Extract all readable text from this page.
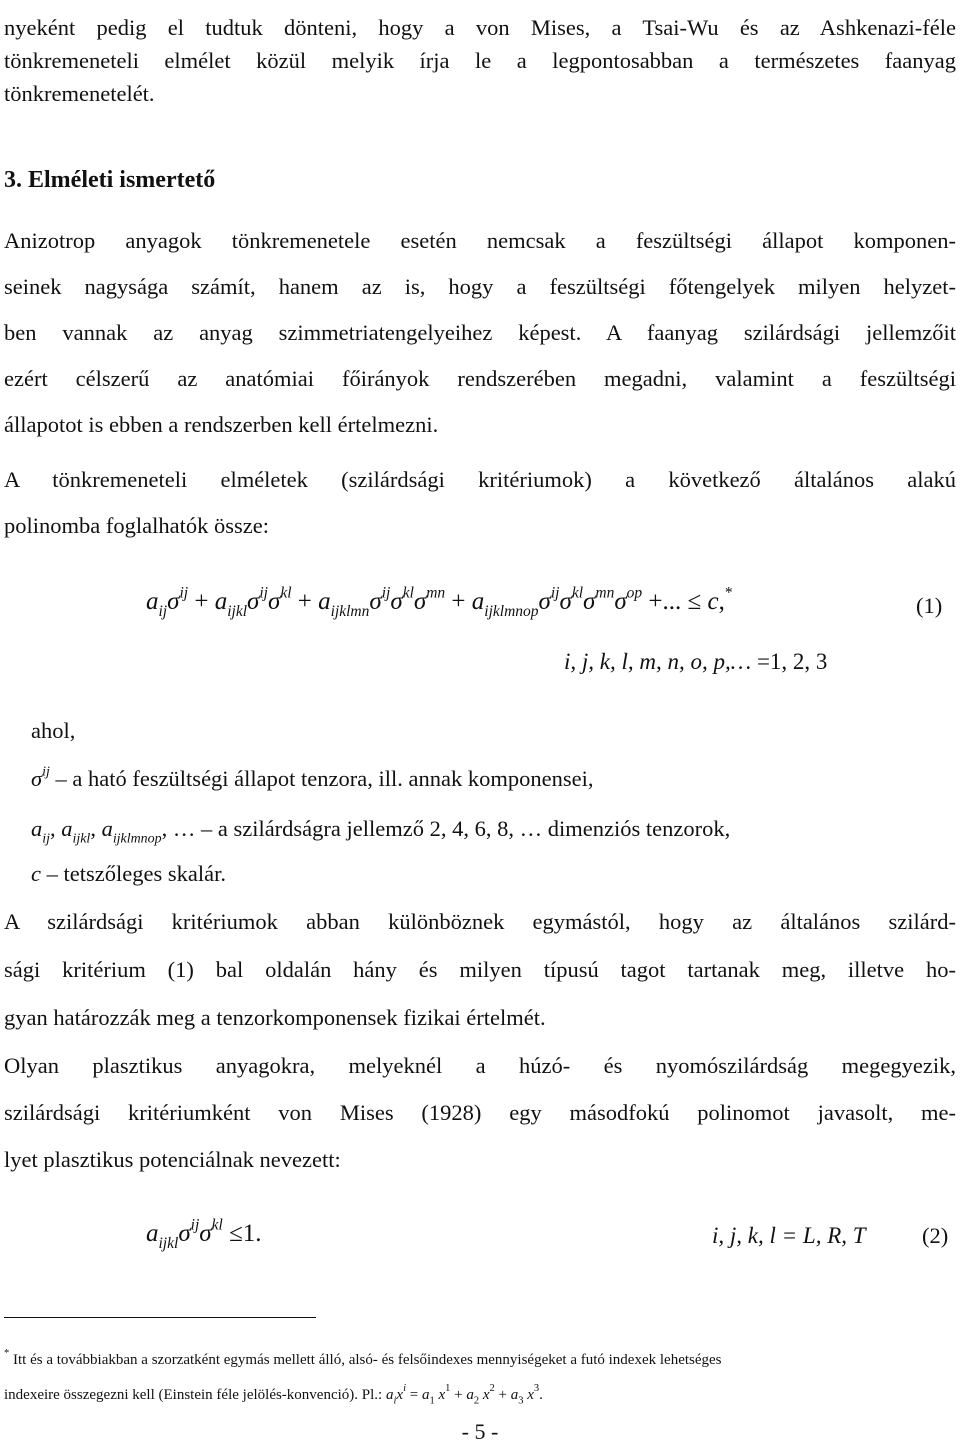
nyeként pedig el tudtuk dönteni, hogy a von Mises, a Tsai-Wu és az Ashkenazi-féle
tönkremeneteli elmélet közül melyik írja le a legpontosabban a természetes faanyag
tönkremenetelét.
3. Elméleti ismertető
Anizotrop anyagok tönkremenetele esetén nemcsak a feszültségi állapot komponen-
seinek nagysága számít, hanem az is, hogy a feszültségi főtengelyek milyen helyzet-
ben vannak az anyag szimmetriatengelyeihez képest. A faanyag szilárdsági jellemzőit
ezért célszerű az anatómiai főirányok rendszerében megadni, valamint a feszültségi
állapotot is ebben a rendszerben kell értelmezni.
A tönkremeneteli elméletek (szilárdsági kritériumok) a következő általános alakú
polinomba foglalhatók össze:
$a_{ij}\sigma^{ij} + a_{ijkl}\sigma^{ij}\sigma^{kl} + a_{ijklmn}\sigma^{ij}\sigma^{kl}\sigma^{mn} + a_{ijklmnop}\sigma^{ij}\sigma^{kl}\sigma^{mn}\sigma^{op}$ +... ≤ c,*
(1)
i, j, k, l, m, n, o, p,… =1, 2, 3
ahol,
$\sigma^{ij}$ – a ható feszültségi állapot tenzora, ill. annak komponensei,
$a_{ij}$, $a_{ijkl}$, $a_{ijklmnop}$, … – a szilárdságra jellemző 2, 4, 6, 8, … dimenziós tenzorok,
c – tetszőleges skalár.
A szilárdsági kritériumok abban különböznek egymástól, hogy az általános szilárd-
sági kritérium (1) bal oldalán hány és milyen típusú tagot tartanak meg, illetve ho-
gyan határozzák meg a tenzorkomponensek fizikai értelmét.
Olyan plasztikus anyagokra, melyeknél a húzó- és nyomószilárdság megegyezik,
szilárdsági kritériumként von Mises (1928) egy másodfokú polinomot javasolt, me-
lyet plasztikus potenciálnak nevezett:
$a_{ijkl}\sigma^{ij}\sigma^{kl} \le 1$.	i, j, k, l = L, R, T	(2)
* Itt és a továbbiakban a szorzatként egymás mellett álló, alsó- és felsőindexes mennyiségeket a futó indexek lehetséges
indexeire összegezni kell (Einstein féle jelölés-konvenció). Pl.: $a_ix^i = a_1$ $x^1 + a_2$ $x^2 + a_3$ $x^3$.
- 5 -
